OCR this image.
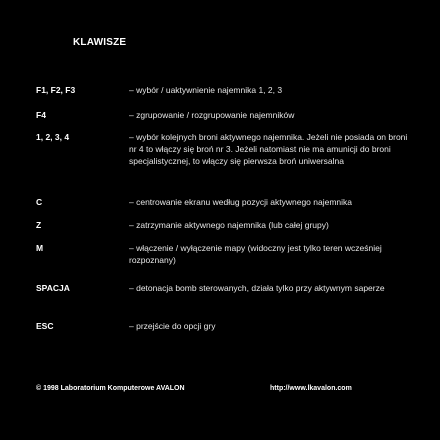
KLAWISZE
F1, F2, F3	– wybór / uaktywnienie najemnika 1, 2, 3
F4	– zgrupowanie / rozgrupowanie najemników
1, 2, 3, 4	– wybór kolejnych broni aktywnego najemnika. Jeżeli nie posiada on broni nr 4 to włączy się broń nr 3. Jeżeli natomiast nie ma amunicji do broni specjalistycznej, to włączy się pierwsza broń uniwersalna
C	– centrowanie ekranu według pozycji aktywnego najemnika
Z	– zatrzymanie aktywnego najemnika (lub całej grupy)
M	– włączenie / wyłączenie mapy (widoczny jest tylko teren wcześniej rozpoznany)
SPACJA	– detonacja bomb sterowanych, działa tylko przy aktywnym saperze
ESC	– przejście do opcji gry
© 1998 Laboratorium Komputerowe AVALON	http://www.lkavalon.com
